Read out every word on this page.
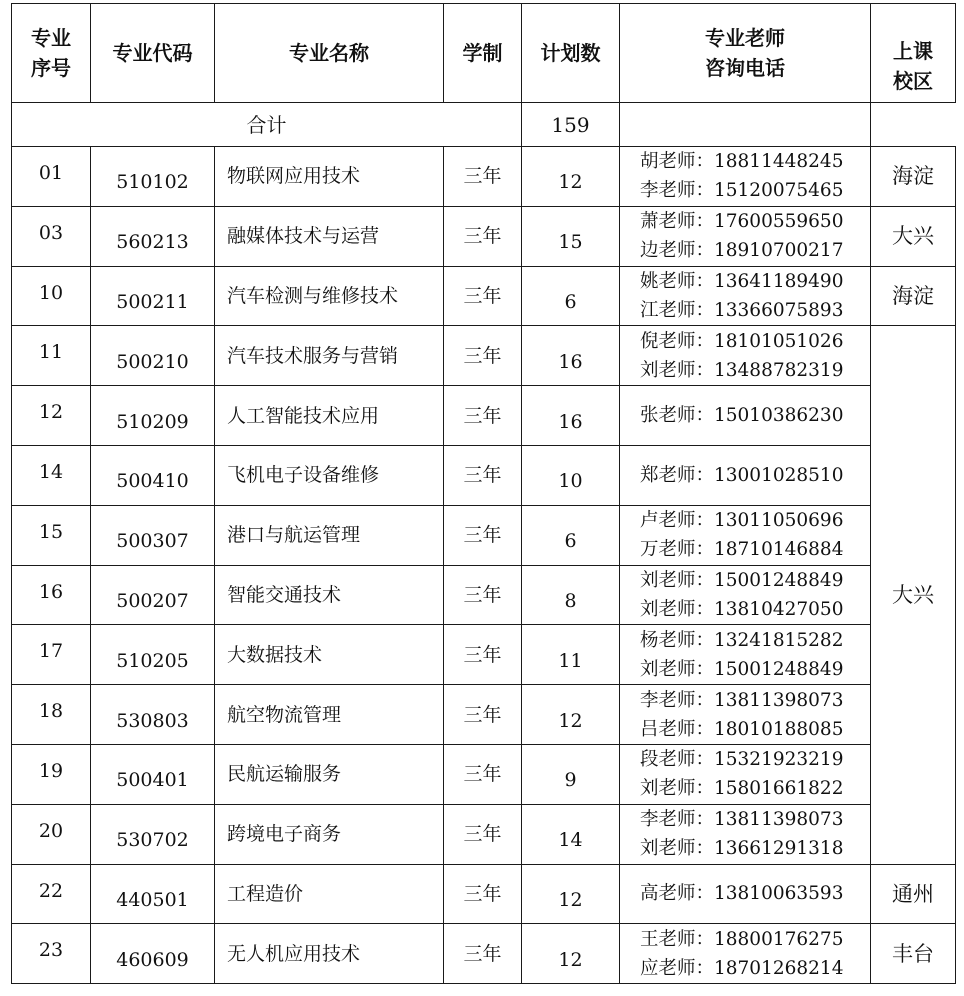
专业
序号	专业代码	专业名称	学制	计划数	专业老师
咨询电话	上课
校区

合计				159		
01	510102	物联网应用技术	三年	12	胡老师：18811448245
李老师：15120075465	海淀
03	560213	融媒体技术与运营	三年	15	萧老师：17600559650
边老师：18910700217	大兴
10	500211	汽车检测与维修技术	三年	6	姚老师：13641189490
江老师：13366075893	海淀
11	500210	汽车技术服务与营销	三年	16	倪老师：18101051026
刘老师：13488782319	大兴
12	510209	人工智能技术应用	三年	16	张老师：15010386230	

14	500410	飞机电子设备维修	三年	10	郑老师：13001028510	

15	500307	港口与航运管理	三年	6	卢老师：13011050696
万老师：18710146884	

16	500207	智能交通技术	三年	8	刘老师：15001248849
刘老师：13810427050	

17	510205	大数据技术	三年	11	杨老师：13241815282
刘老师：15001248849	

18	530803	航空物流管理	三年	12	李老师：13811398073
吕老师：18010188085	

19	500401	民航运输服务	三年	9	段老师：15321923219
刘老师：15801661822	

20	530702	跨境电子商务	三年	14	李老师：13811398073
刘老师：13661291318	

22	440501	工程造价	三年	12	高老师：13810063593	通州
23	460609	无人机应用技术	三年	12	王老师：18800176275
应老师：18701268214	丰台
